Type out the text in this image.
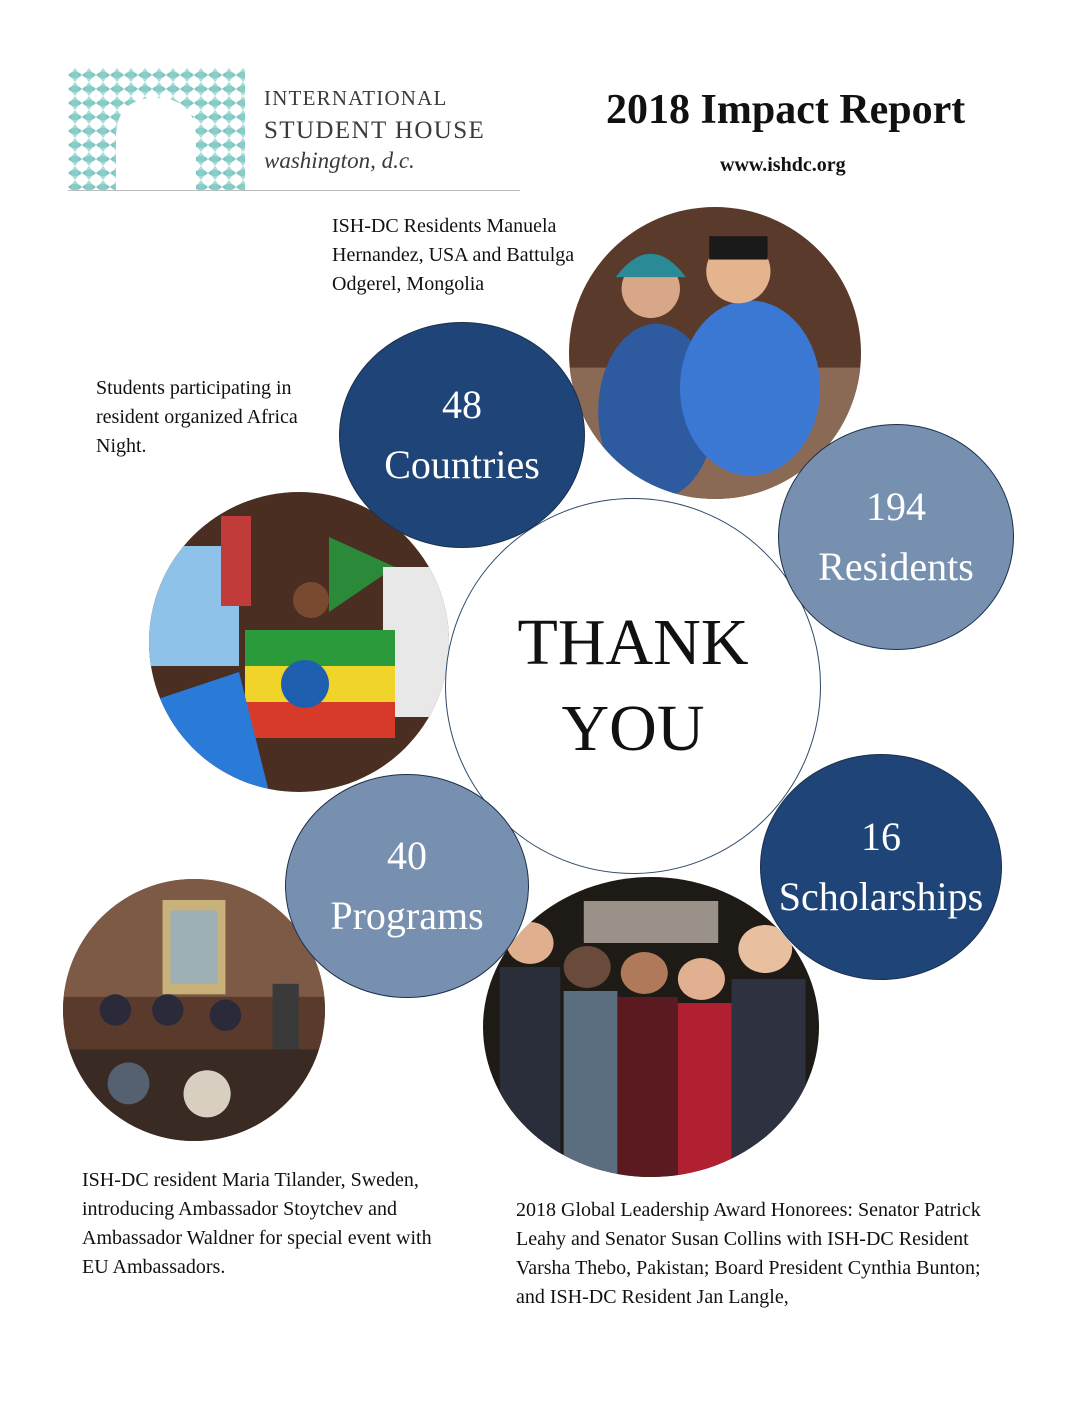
INTERNATIONAL
STUDENT HOUSE
washington, d.c.
2018 Impact Report
www.ishdc.org
ISH-DC Residents Manuela Hernandez, USA and Battulga Odgerel, Mongolia
Students participating in resident organized Africa Night.
ISH-DC resident Maria Tilander, Sweden, introducing Ambassador Stoytchev and Ambassador Waldner for special event with EU Ambassadors.
2018 Global Leadership Award Honorees: Senator Patrick Leahy and Senator Susan Collins with ISH-DC Resident Varsha Thebo, Pakistan; Board President Cynthia Bunton; and ISH-DC Resident Jan Langle,
THANK
YOU
48
Countries
194
Residents
16
Scholarships
40
Programs
